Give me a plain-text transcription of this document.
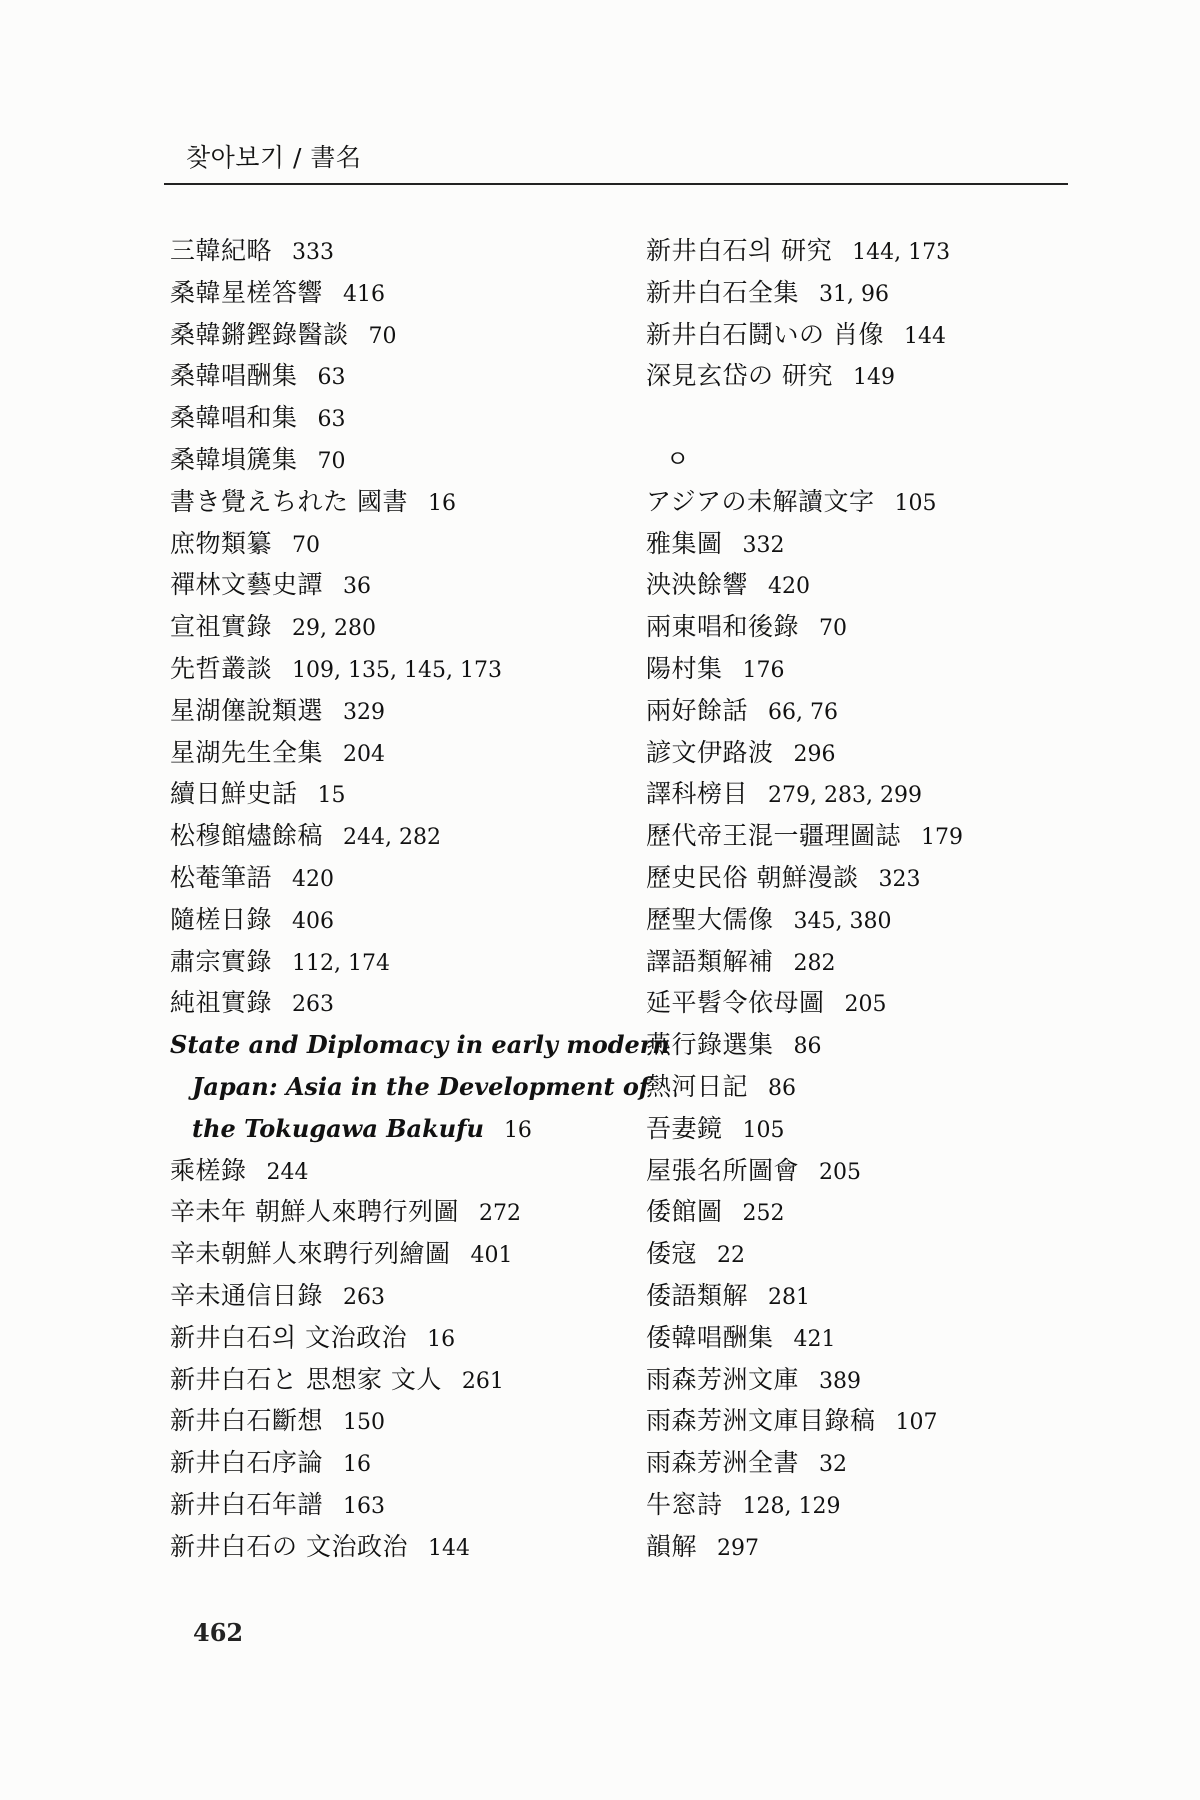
찾아보기 / 書名
三韓紀略 333
桑韓星槎答響 416
桑韓鏘鏗錄醫談 70
桑韓唱酬集 63
桑韓唱和集 63
桑韓塤篪集 70
書き覺えちれた 國書 16
庶物類纂 70
禪林文藝史譚 36
宣祖實錄 29, 280
先哲叢談 109, 135, 145, 173
星湖僿說類選 329
星湖先生全集 204
續日鮮史話 15
松穆館燼餘稿 244, 282
松菴筆語 420
隨槎日錄 406
肅宗實錄 112, 174
純祖實錄 263
State and Diplomacy in early modern
Japan: Asia in the Development of
the Tokugawa Bakufu 16
乘槎錄 244
辛未年 朝鮮人來聘行列圖 272
辛未朝鮮人來聘行列繪圖 401
辛未通信日錄 263
新井白石의 文治政治 16
新井白石と 思想家 文人 261
新井白石斷想 150
新井白石序論 16
新井白石年譜 163
新井白石の 文治政治 144
新井白石의 研究 144, 173
新井白石全集 31, 96
新井白石鬪いの 肖像 144
深見玄岱の 研究 149
ㅇ
アジアの未解讀文字 105
雅集圖 332
泱泱餘響 420
兩東唱和後錄 70
陽村集 176
兩好餘話 66, 76
諺文伊路波 296
譯科榜目 279, 283, 299
歷代帝王混一疆理圖誌 179
歷史民俗 朝鮮漫談 323
歷聖大儒像 345, 380
譯語類解補 282
延平髫令依母圖 205
燕行錄選集 86
熱河日記 86
吾妻鏡 105
屋張名所圖會 205
倭館圖 252
倭寇 22
倭語類解 281
倭韓唱酬集 421
雨森芳洲文庫 389
雨森芳洲文庫目錄稿 107
雨森芳洲全書 32
牛窓詩 128, 129
韻解 297
462
